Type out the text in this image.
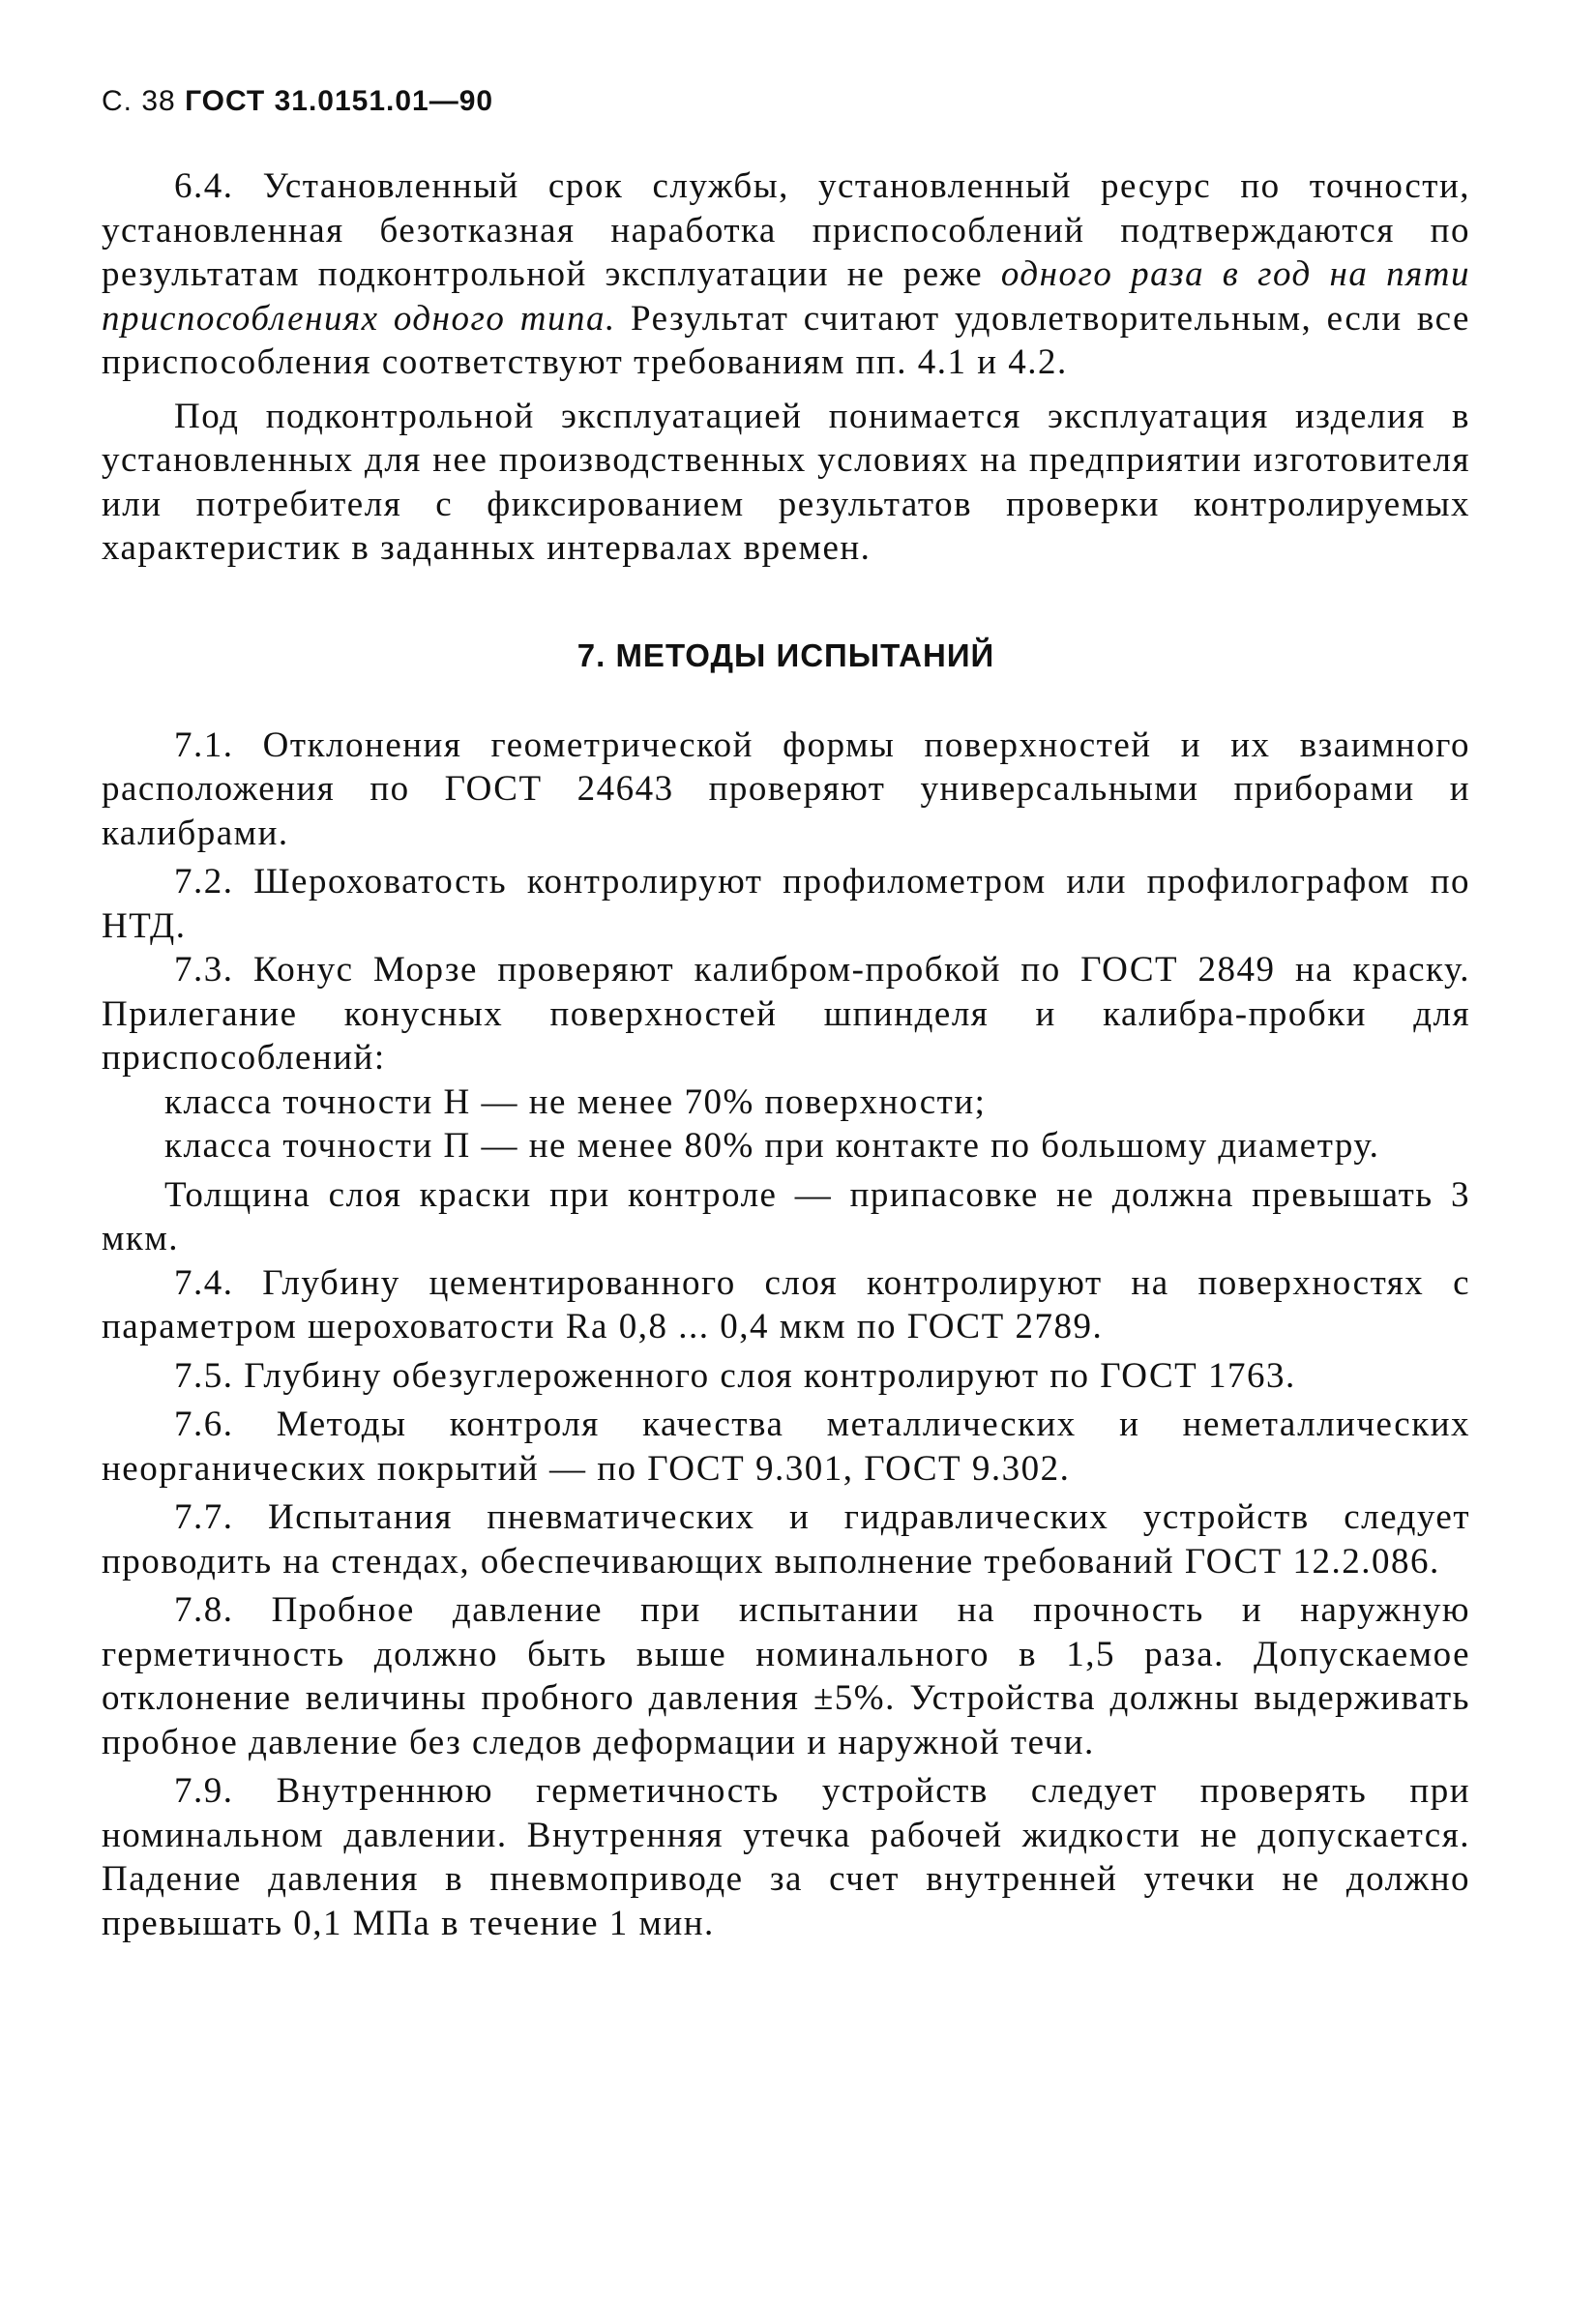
С. 38 ГОСТ 31.0151.01—90

6.4. Установленный срок службы, установленный ресурс по точности, установленная безотказная наработка приспособлений подтверждаются по результатам подконтрольной эксплуатации не реже одного раза в год на пяти приспособлениях одного типа. Результат считают удовлетворительным, если все приспособления соответствуют требованиям пп. 4.1 и 4.2.

Под подконтрольной эксплуатацией понимается эксплуатация изделия в установленных для нее производственных условиях на предприятии изготовителя или потребителя с фиксированием результатов проверки контролируемых характеристик в заданных интервалах времен.

7. МЕТОДЫ ИСПЫТАНИЙ

7.1. Отклонения геометрической формы поверхностей и их взаимного расположения по ГОСТ 24643 проверяют универсальными приборами и калибрами.

7.2. Шероховатость контролируют профилометром или профилографом по НТД.

7.3. Конус Морзе проверяют калибром-пробкой по ГОСТ 2849 на краску. Прилегание конусных поверхностей шпинделя и калибра-пробки для приспособлений:

класса точности Н — не менее 70% поверхности;

класса точности П — не менее 80% при контакте по большому диаметру.

Толщина слоя краски при контроле — припасовке не должна превышать 3 мкм.

7.4. Глубину цементированного слоя контролируют на поверхностях с параметром шероховатости Ra 0,8 ... 0,4 мкм по ГОСТ 2789.

7.5. Глубину обезуглероженного слоя контролируют по ГОСТ 1763.

7.6. Методы контроля качества металлических и неметаллических неорганических покрытий — по ГОСТ 9.301, ГОСТ 9.302.

7.7. Испытания пневматических и гидравлических устройств следует проводить на стендах, обеспечивающих выполнение требований ГОСТ 12.2.086.

7.8. Пробное давление при испытании на прочность и наружную герметичность должно быть выше номинального в 1,5 раза. Допускаемое отклонение величины пробного давления ±5%. Устройства должны выдерживать пробное давление без следов деформации и наружной течи.

7.9. Внутреннюю герметичность устройств следует проверять при номинальном давлении. Внутренняя утечка рабочей жидкости не допускается. Падение давления в пневмоприводе за счет внутренней утечки не должно превышать 0,1 МПа в течение 1 мин.
